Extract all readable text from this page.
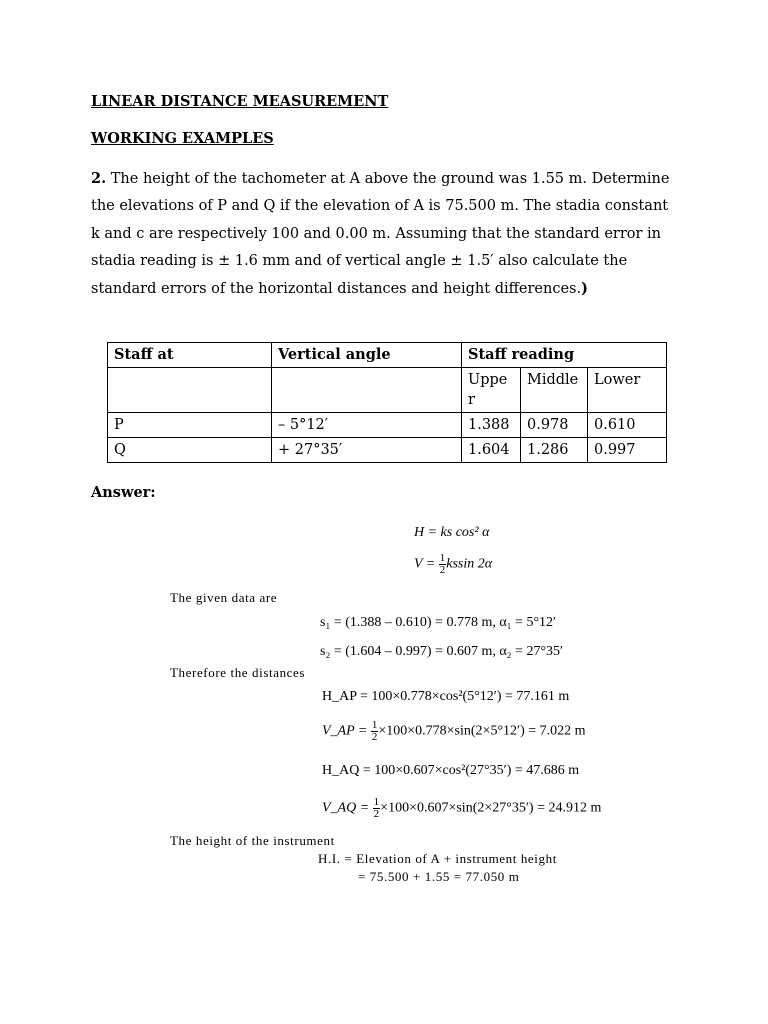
LINEAR DISTANCE MEASUREMENT
WORKING EXAMPLES
2. The height of the tachometer at A above the ground was 1.55 m. Determine the elevations of P and Q if the elevation of A is 75.500 m. The stadia constant k and c are respectively 100 and 0.00 m. Assuming that the standard error in stadia reading is ± 1.6 mm and of vertical angle ± 1.5′ also calculate the standard errors of the horizontal distances and height differences.)
Staff at	Vertical angle	Staff reading		
		Upper	Middle	Lower
P	– 5°12′	1.388	0.978	0.610
Q	+ 27°35′	1.604	1.286	0.997
Answer:
H = ks cos² α
$V = \frac{1}{2}$ kssin 2α
The given data are
s₁ = (1.388 – 0.610) = 0.778 m, α₁ = 5°12′
s₂ = (1.604 – 0.997) = 0.607 m, α₂ = 27°35′
Therefore the distances
H_AP = 100×0.778×cos²(5°12′) = 77.161 m
V_AP = $\frac{1}{2} \times 100\times 0.778\times\sin(2\times 5^\circ 12') = 7.022$ m
H_AQ = 100×0.607×cos²(27°35′) = 47.686 m
V_AQ = $\frac{1}{2} \times 100\times 0.607\times\sin(2\times 27^\circ 35') = 24.912$ m
The height of the instrument
H.I. = Elevation of A + instrument height
= 75.500 + 1.55 = 77.050 m
